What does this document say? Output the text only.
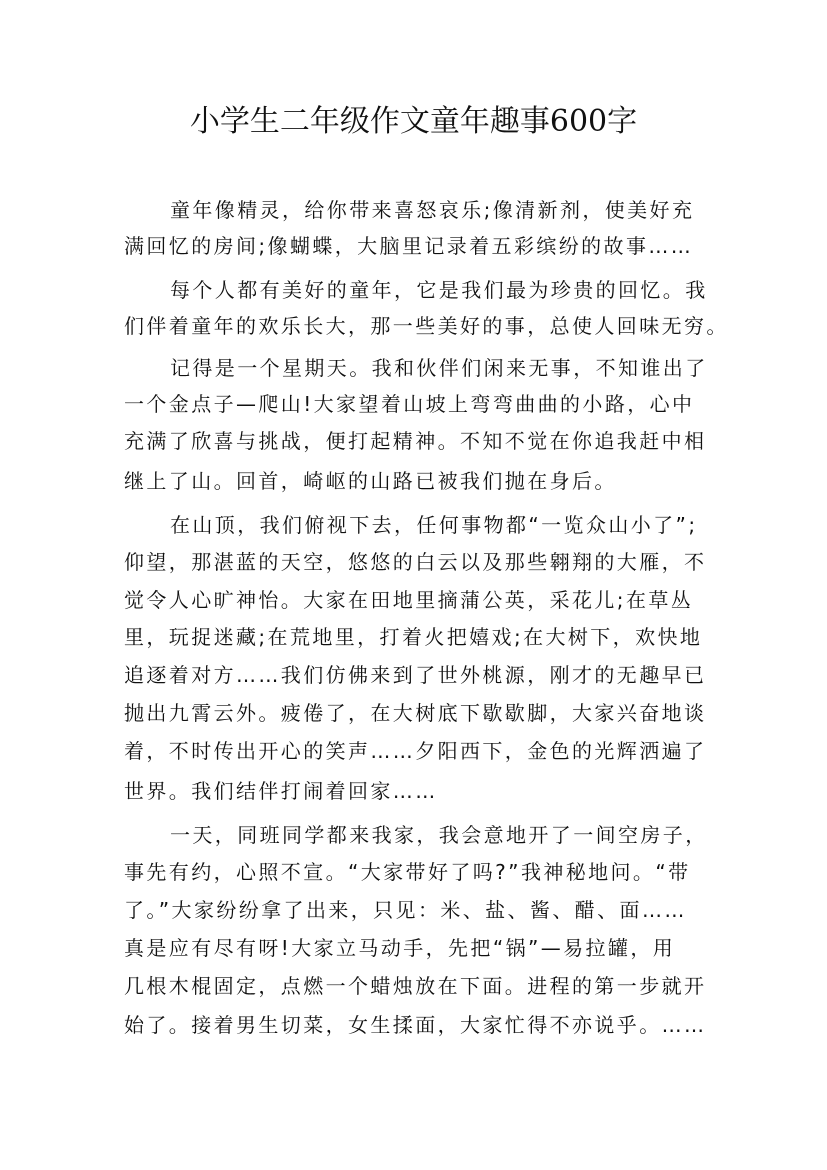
小学生二年级作文童年趣事600字
童年像精灵，给你带来喜怒哀乐;像清新剂，使美好充
满回忆的房间;像蝴蝶，大脑里记录着五彩缤纷的故事……
每个人都有美好的童年，它是我们最为珍贵的回忆。我
们伴着童年的欢乐长大，那一些美好的事，总使人回味无穷。
记得是一个星期天。我和伙伴们闲来无事，不知谁出了
一个金点子—爬山!大家望着山坡上弯弯曲曲的小路，心中
充满了欣喜与挑战，便打起精神。不知不觉在你追我赶中相
继上了山。回首，崎岖的山路已被我们抛在身后。
在山顶，我们俯视下去，任何事物都“一览众山小了”;
仰望，那湛蓝的天空，悠悠的白云以及那些翱翔的大雁，不
觉令人心旷神怡。大家在田地里摘蒲公英，采花儿;在草丛
里，玩捉迷藏;在荒地里，打着火把嬉戏;在大树下，欢快地
追逐着对方……我们仿佛来到了世外桃源，刚才的无趣早已
抛出九霄云外。疲倦了，在大树底下歇歇脚，大家兴奋地谈
着，不时传出开心的笑声……夕阳西下，金色的光辉洒遍了
世界。我们结伴打闹着回家……
一天，同班同学都来我家，我会意地开了一间空房子，
事先有约，心照不宣。“大家带好了吗?”我神秘地问。“带
了。”大家纷纷拿了出来，只见：米、盐、酱、醋、面……
真是应有尽有呀!大家立马动手，先把“锅”—易拉罐，用
几根木棍固定，点燃一个蜡烛放在下面。进程的第一步就开
始了。接着男生切菜，女生揉面，大家忙得不亦说乎。……
